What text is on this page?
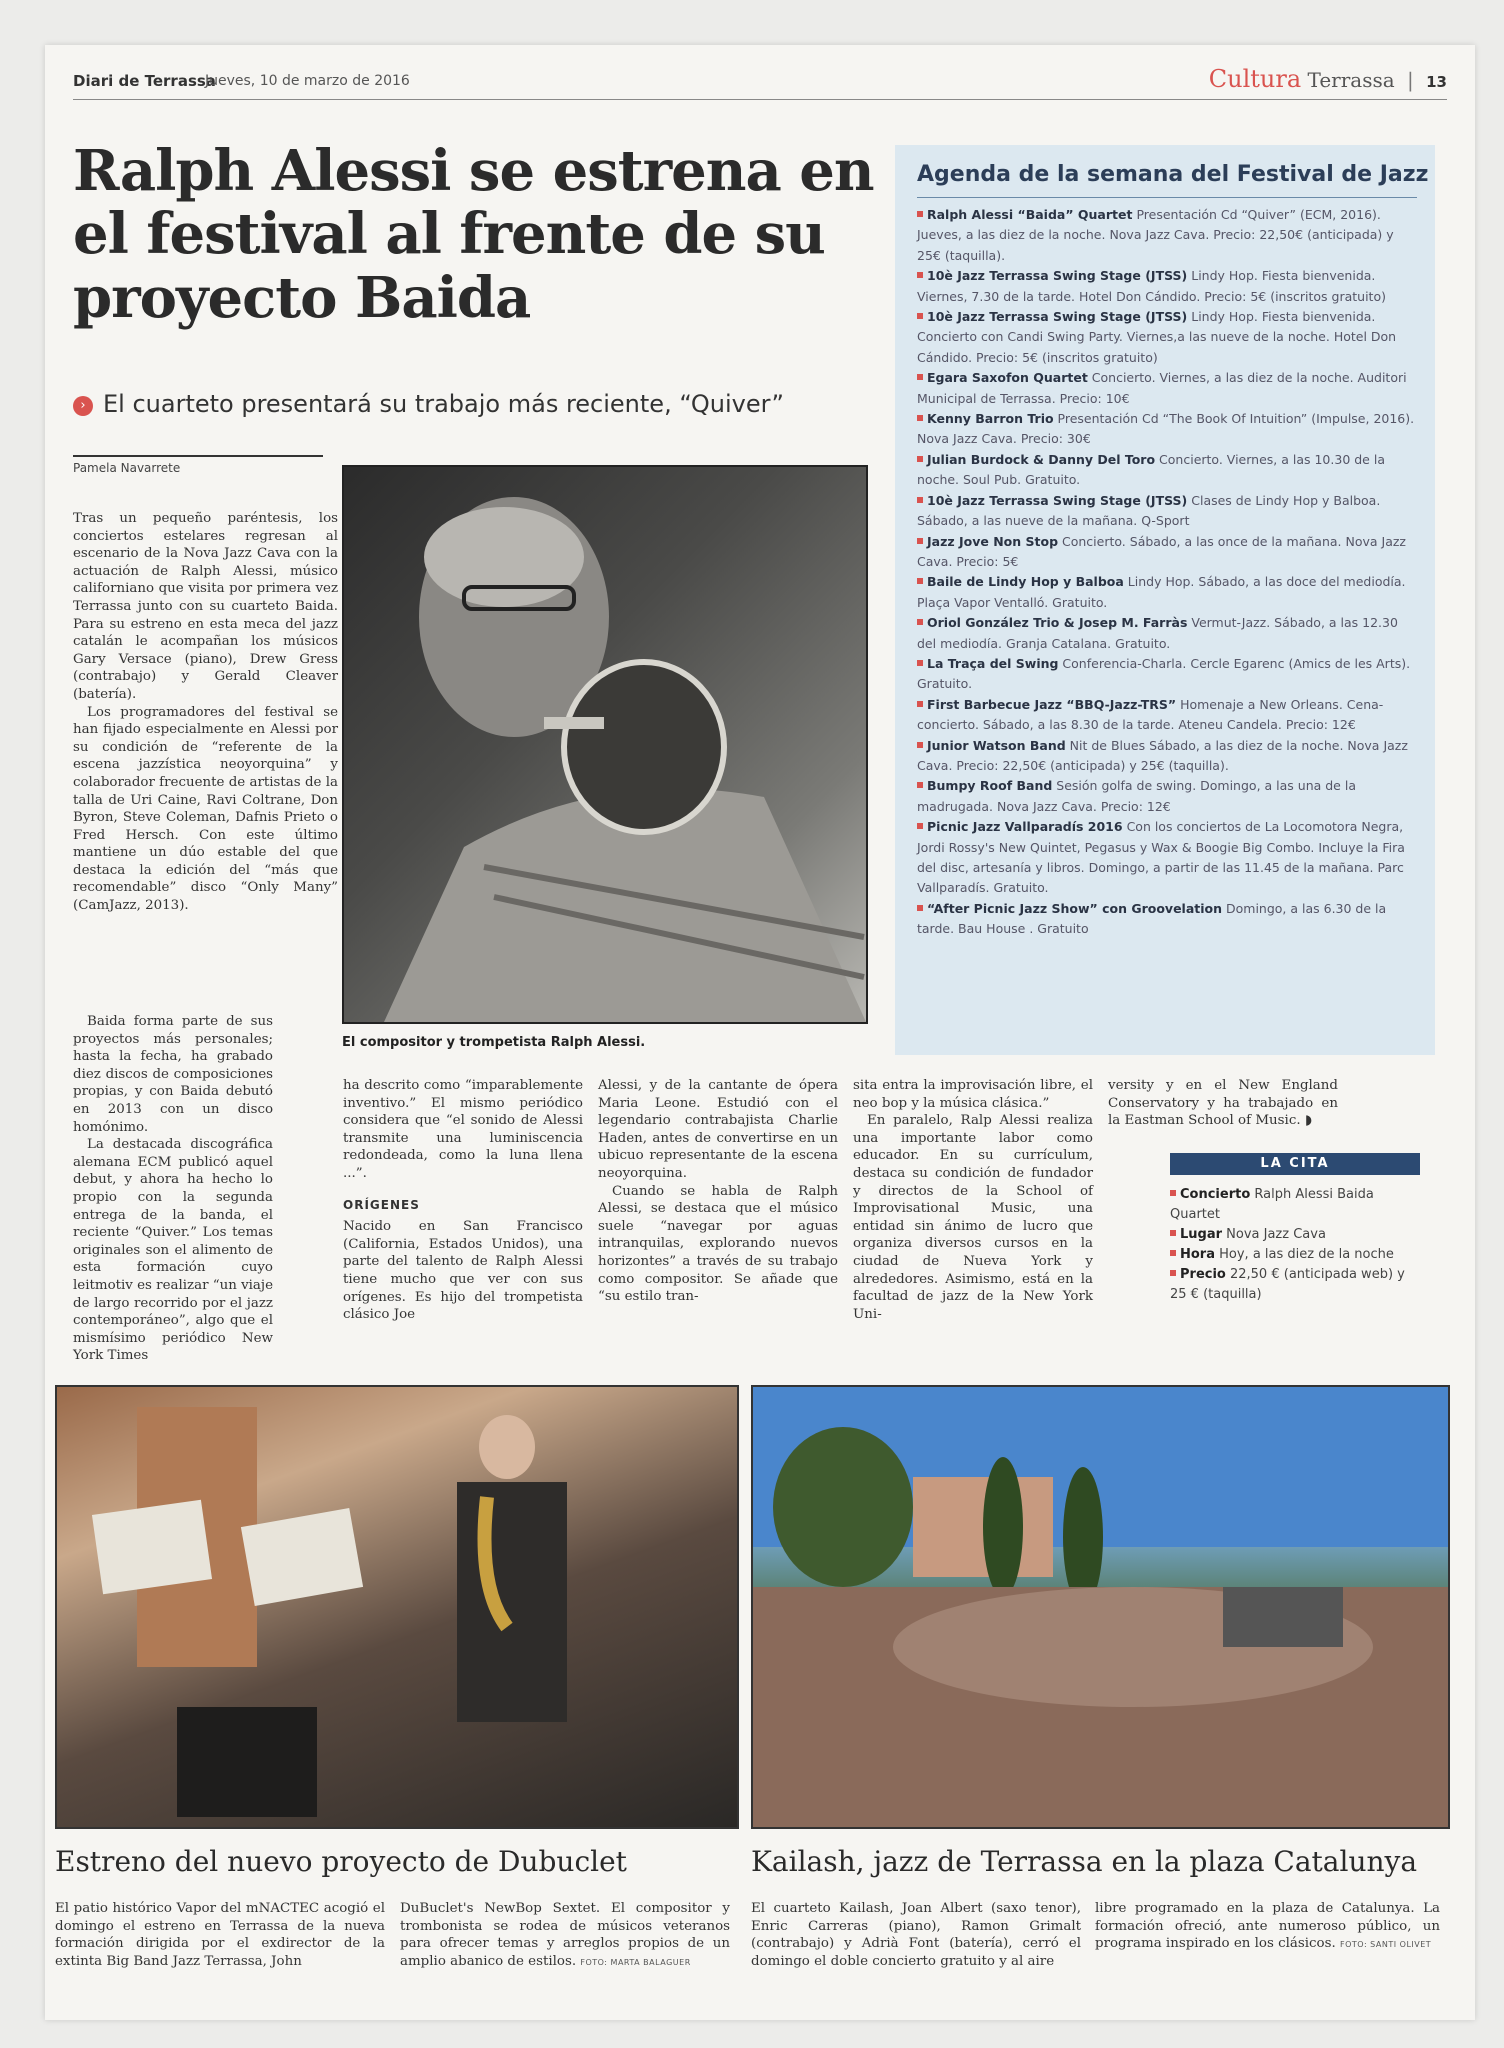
Diari de Terrassa
Jueves, 10 de marzo de 2016	Cultura Terrassa | 13
Ralph Alessi se estrena en el festival al frente de su proyecto Baida
› El cuarteto presentará su trabajo más reciente, “Quiver”
Pamela Navarrete

Tras un pequeño paréntesis, los conciertos estelares regresan al escenario de la Nova Jazz Cava con la actuación de Ralph Alessi, músico californiano que visita por primera vez Terrassa junto con su cuarteto Baida. Para su estreno en esta meca del jazz catalán le acompañan los músicos Gary Versace (piano), Drew Gress (contrabajo) y Gerald Cleaver (batería).

Los programadores del festival se han fijado especialmente en Alessi por su condición de “referente de la escena jazzística neoyorquina” y colaborador frecuente de artistas de la talla de Uri Caine, Ravi Coltrane, Don Byron, Steve Coleman, Dafnis Prieto o Fred Hersch. Con este último mantiene un dúo estable del que destaca la edición del “más que recomendable” disco “Only Many” (CamJazz, 2013).

Baida forma parte de sus proyectos más personales; hasta la fecha, ha grabado diez discos de composiciones propias, y con Baida debutó en 2013 con un disco homónimo.

La destacada discográfica alemana ECM publicó aquel debut, y ahora ha hecho lo propio con la segunda entrega de la banda, el reciente “Quiver.” Los temas originales son el alimento de esta formación cuyo leitmotiv es realizar “un viaje de largo recorrido por el jazz contemporáneo”, algo que el mismísimo periódico New York Times

El compositor y trompetista Ralph Alessi.
Agenda de la semana del Festival de Jazz
Ralph Alessi “Baida” Quartet Presentación Cd “Quiver” (ECM, 2016). Jueves, a las diez de la noche. Nova Jazz Cava. Precio: 22,50€ (anticipada) y 25€ (taquilla).
10è Jazz Terrassa Swing Stage (JTSS) Lindy Hop. Fiesta bienvenida. Viernes, 7.30 de la tarde. Hotel Don Cándido. Precio: 5€ (inscritos gratuito)
10è Jazz Terrassa Swing Stage (JTSS) Lindy Hop. Fiesta bienvenida. Concierto con Candi Swing Party. Viernes,a las nueve de la noche. Hotel Don Cándido. Precio: 5€ (inscritos gratuito)
Egara Saxofon Quartet Concierto. Viernes, a las diez de la noche. Auditori Municipal de Terrassa. Precio: 10€
Kenny Barron Trio Presentación Cd “The Book Of Intuition” (Impulse, 2016). Nova Jazz Cava. Precio: 30€
Julian Burdock & Danny Del Toro Concierto. Viernes, a las 10.30 de la noche. Soul Pub. Gratuito.
10è Jazz Terrassa Swing Stage (JTSS) Clases de Lindy Hop y Balboa. Sábado, a las nueve de la mañana. Q-Sport
Jazz Jove Non Stop Concierto. Sábado, a las once de la mañana. Nova Jazz Cava. Precio: 5€
Baile de Lindy Hop y Balboa Lindy Hop. Sábado, a las doce del mediodía. Plaça Vapor Ventalló. Gratuito.
Oriol González Trio & Josep M. Farràs Vermut-Jazz. Sábado, a las 12.30 del mediodía. Granja Catalana. Gratuito.
La Traça del Swing Conferencia-Charla. Cercle Egarenc (Amics de les Arts). Gratuito.
First Barbecue Jazz “BBQ-Jazz-TRS” Homenaje a New Orleans. Cena-concierto. Sábado, a las 8.30 de la tarde. Ateneu Candela. Precio: 12€
Junior Watson Band Nit de Blues Sábado, a las diez de la noche. Nova Jazz Cava. Precio: 22,50€ (anticipada) y 25€ (taquilla).
Bumpy Roof Band Sesión golfa de swing. Domingo, a las una de la madrugada. Nova Jazz Cava. Precio: 12€
Picnic Jazz Vallparadís 2016 Con los conciertos de La Locomotora Negra, Jordi Rossy's New Quintet, Pegasus y Wax & Boogie Big Combo. Incluye la Fira del disc, artesanía y libros. Domingo, a partir de las 11.45 de la mañana. Parc Vallparadís. Gratuito.
“After Picnic Jazz Show” con Groovelation Domingo, a las 6.30 de la tarde. Bau House . Gratuito

ha descrito como “imparablemente inventivo.” El mismo periódico considera que “el sonido de Alessi transmite una luminiscencia redondeada, como la luna llena ...”.

ORÍGENES

Nacido en San Francisco (California, Estados Unidos), una parte del talento de Ralph Alessi tiene mucho que ver con sus orígenes. Es hijo del trompetista clásico Joe

Alessi, y de la cantante de ópera Maria Leone. Estudió con el legendario contrabajista Charlie Haden, antes de convertirse en un ubicuo representante de la escena neoyorquina.

Cuando se habla de Ralph Alessi, se destaca que el músico suele “navegar por aguas intranquilas, explorando nuevos horizontes” a través de su trabajo como compositor. Se añade que “su estilo tran-

sita entra la improvisación libre, el neo bop y la música clásica.”

En paralelo, Ralp Alessi realiza una importante labor como educador. En su currículum, destaca su condición de fundador y directos de la School of Improvisational Music, una entidad sin ánimo de lucro que organiza diversos cursos en la ciudad de Nueva York y alrededores. Asimismo, está en la facultad de jazz de la New York Uni-

versity y en el New England Conservatory y ha trabajado en la Eastman School of Music. ◗

LA CITA
Concierto Ralph Alessi Baida Quartet
Lugar Nova Jazz Cava
Hora Hoy, a las diez de la noche
Precio 22,50 € (anticipada web) y 25 € (taquilla)
Estreno del nuevo proyecto de Dubuclet	Kailash, jazz de Terrassa en la plaza Catalunya
El patio histórico Vapor del mNACTEC acogió el domingo el estreno en Terrassa de la nueva formación dirigida por el exdirector de la extinta Big Band Jazz Terrassa, John
DuBuclet's NewBop Sextet. El compositor y trombonista se rodea de músicos veteranos para ofrecer temas y arreglos propios de un amplio abanico de estilos. FOTO: MARTA BALAGUER
El cuarteto Kailash, Joan Albert (saxo tenor), Enric Carreras (piano), Ramon Grimalt (contrabajo) y Adrià Font (batería), cerró el domingo el doble concierto gratuito y al aire
libre programado en la plaza de Catalunya. La formación ofreció, ante numeroso público, un programa inspirado en los clásicos. FOTO: SANTI OLIVET
